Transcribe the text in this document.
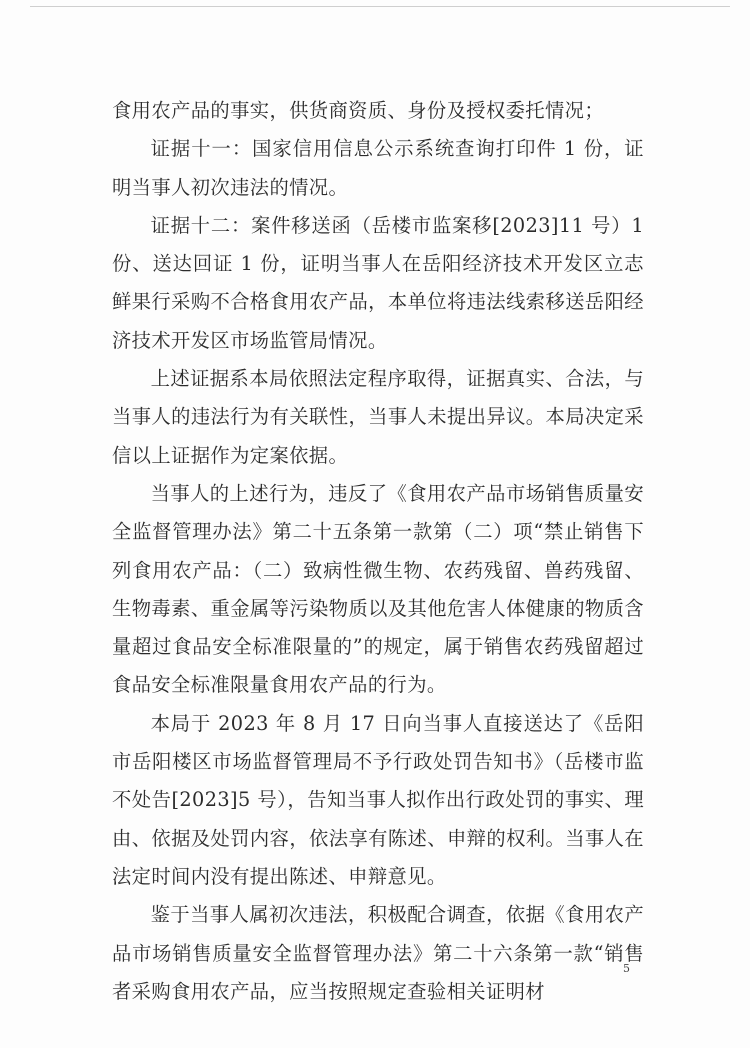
食用农产品的事实，供货商资质、身份及授权委托情况；

证据十一：国家信用信息公示系统查询打印件 1 份，证明当事人初次违法的情况。

证据十二：案件移送函（岳楼市监案移[2023]11 号）1 份、送达回证 1 份，证明当事人在岳阳经济技术开发区立志鲜果行采购不合格食用农产品，本单位将违法线索移送岳阳经济技术开发区市场监管局情况。

上述证据系本局依照法定程序取得，证据真实、合法，与当事人的违法行为有关联性，当事人未提出异议。本局决定采信以上证据作为定案依据。

当事人的上述行为，违反了《食用农产品市场销售质量安全监督管理办法》第二十五条第一款第（二）项“禁止销售下列食用农产品：（二）致病性微生物、农药残留、兽药残留、生物毒素、重金属等污染物质以及其他危害人体健康的物质含量超过食品安全标准限量的”的规定，属于销售农药残留超过食品安全标准限量食用农产品的行为。

本局于 2023 年 8 月 17 日向当事人直接送达了《岳阳市岳阳楼区市场监督管理局不予行政处罚告知书》（岳楼市监不处告[2023]5 号），告知当事人拟作出行政处罚的事实、理由、依据及处罚内容，依法享有陈述、申辩的权利。当事人在法定时间内没有提出陈述、申辩意见。

鉴于当事人属初次违法，积极配合调查，依据《食用农产品市场销售质量安全监督管理办法》第二十六条第一款“销售者采购食用农产品，应当按照规定查验相关证明材

5
